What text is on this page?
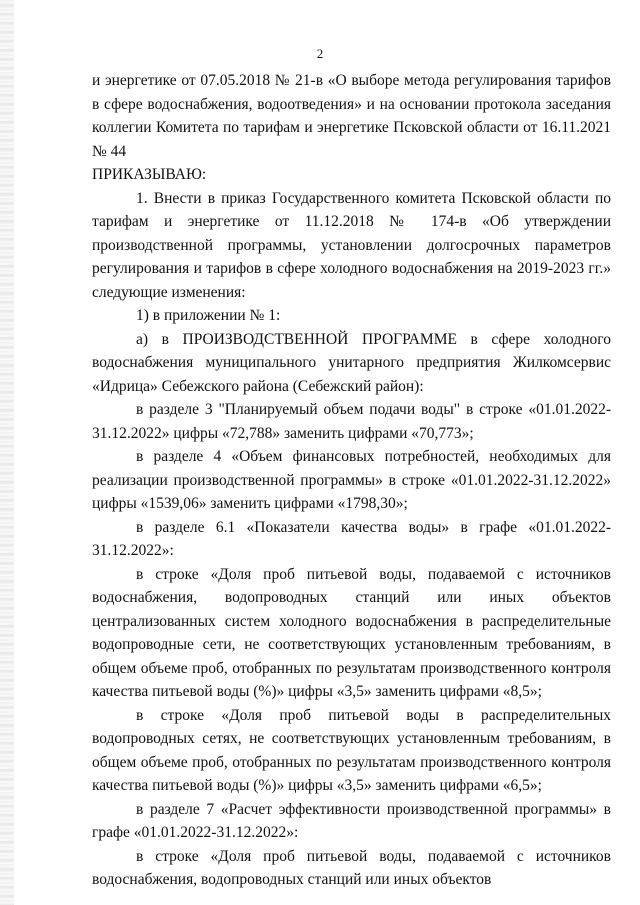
2

и энергетике от 07.05.2018 № 21-в «О выборе метода регулирования тарифов в сфере водоснабжения, водоотведения» и на основании протокола заседания коллегии Комитета по тарифам и энергетике Псковской области от 16.11.2021 № 44

ПРИКАЗЫВАЮ:

1. Внести в приказ Государственного комитета Псковской области по тарифам и энергетике от 11.12.2018 № 174-в «Об утверждении производственной программы, установлении долгосрочных параметров регулирования и тарифов в сфере холодного водоснабжения на 2019-2023 гг.» следующие изменения:

1) в приложении № 1:

а) в ПРОИЗВОДСТВЕННОЙ ПРОГРАММЕ в сфере холодного водоснабжения муниципального унитарного предприятия Жилкомсервис «Идрица» Себежского района (Себежский район):

в разделе 3 "Планируемый объем подачи воды" в строке «01.01.2022-31.12.2022» цифры «72,788» заменить цифрами «70,773»;

в разделе 4 «Объем финансовых потребностей, необходимых для реализации производственной программы» в строке «01.01.2022-31.12.2022» цифры «1539,06» заменить цифрами «1798,30»;

в разделе 6.1 «Показатели качества воды» в графе «01.01.2022-31.12.2022»:

в строке «Доля проб питьевой воды, подаваемой с источников водоснабжения, водопроводных станций или иных объектов централизованных систем холодного водоснабжения в распределительные водопроводные сети, не соответствующих установленным требованиям, в общем объеме проб, отобранных по результатам производственного контроля качества питьевой воды (%)» цифры «3,5» заменить цифрами «8,5»;

в строке «Доля проб питьевой воды в распределительных водопроводных сетях, не соответствующих установленным требованиям, в общем объеме проб, отобранных по результатам производственного контроля качества питьевой воды (%)» цифры «3,5» заменить цифрами «6,5»;

в разделе 7 «Расчет эффективности производственной программы» в графе «01.01.2022-31.12.2022»:

в строке «Доля проб питьевой воды, подаваемой с источников водоснабжения, водопроводных станций или иных объектов
